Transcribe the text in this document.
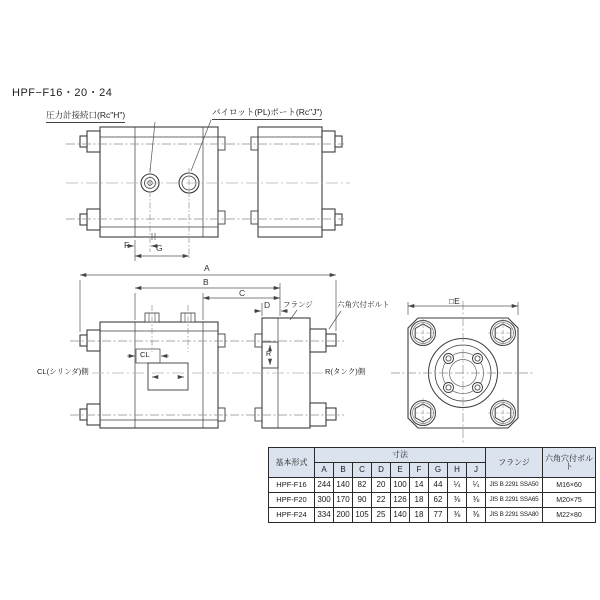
HPF−F16・20・24
圧力計接続口(Rc"H")	パイロット(PL)ポート(Rc"J")
F	G
A
B
C
D フランジ	六角穴付ボルト
CL(シリンダ)側	R(タンク)側
CL	R
□E
基本形式	寸法									フランジ	六角穴付ボルト
	A	B	C	D	E	F	G	H	J		
HPF-F16	244	140	82	20	100	14	44	¼	¼	JIS B 2291 SSA50	M16×60
HPF-F20	300	170	90	22	126	18	62	⅜	⅜	JIS B 2291 SSA65	M20×75
HPF-F24	334	200	105	25	140	18	77	⅜	⅜	JIS B 2291 SSA80	M22×80
